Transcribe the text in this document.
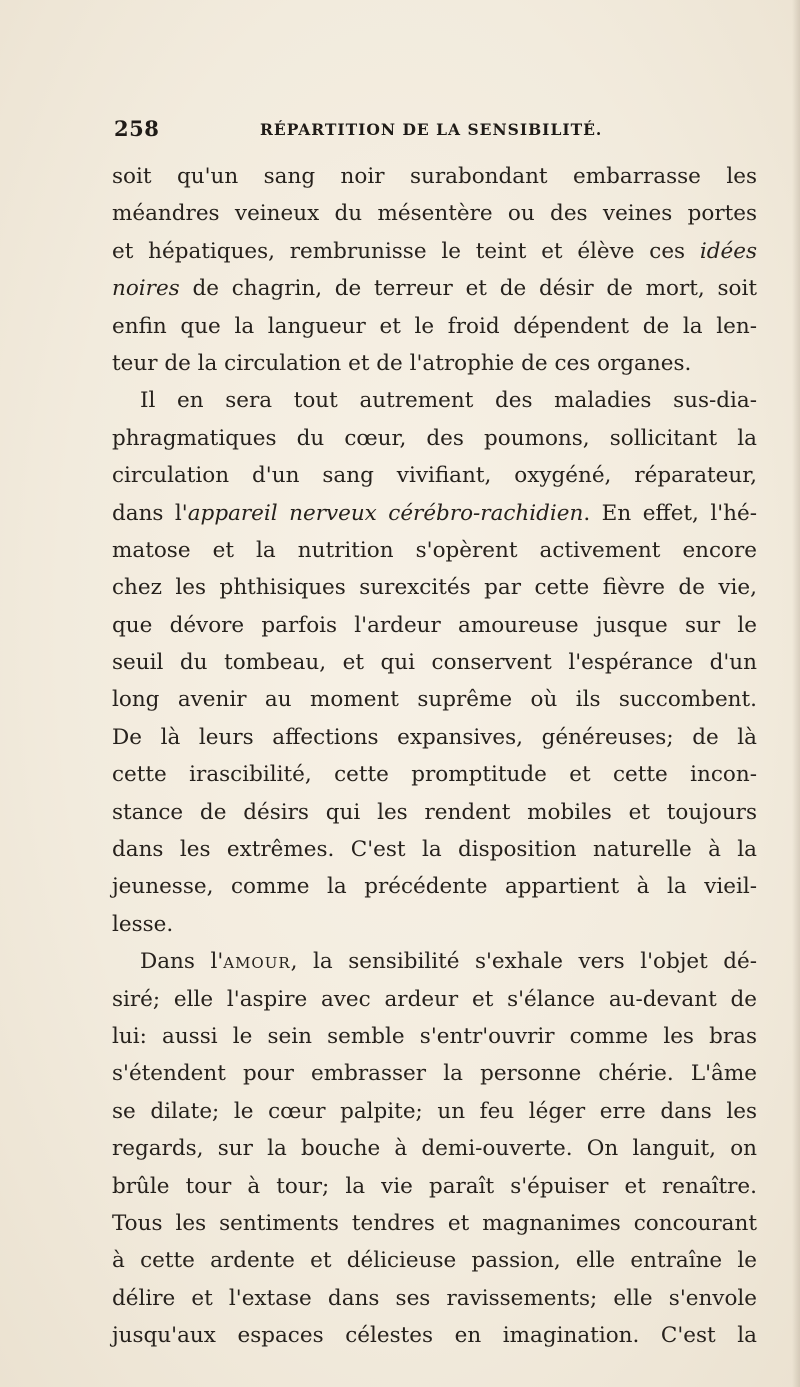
258	RÉPARTITION DE LA SENSIBILITÉ.
soit qu'un sang noir surabondant embarrasse les
méandres veineux du mésentère ou des veines portes
et hépatiques, rembrunisse le teint et élève ces idées
noires de chagrin, de terreur et de désir de mort, soit
enfin que la langueur et le froid dépendent de la len-
teur de la circulation et de l'atrophie de ces organes.
Il en sera tout autrement des maladies sus-dia-
phragmatiques du cœur, des poumons, sollicitant la
circulation d'un sang vivifiant, oxygéné, réparateur,
dans l'appareil nerveux cérébro-rachidien. En effet, l'hé-
matose et la nutrition s'opèrent activement encore
chez les phthisiques surexcités par cette fièvre de vie,
que dévore parfois l'ardeur amoureuse jusque sur le
seuil du tombeau, et qui conservent l'espérance d'un
long avenir au moment suprême où ils succombent.
De là leurs affections expansives, généreuses; de là
cette irascibilité, cette promptitude et cette incon-
stance de désirs qui les rendent mobiles et toujours
dans les extrêmes. C'est la disposition naturelle à la
jeunesse, comme la précédente appartient à la vieil-
lesse.
Dans l'AMOUR, la sensibilité s'exhale vers l'objet dé-
siré; elle l'aspire avec ardeur et s'élance au-devant de
lui: aussi le sein semble s'entr'ouvrir comme les bras
s'étendent pour embrasser la personne chérie. L'âme
se dilate; le cœur palpite; un feu léger erre dans les
regards, sur la bouche à demi-ouverte. On languit, on
brûle tour à tour; la vie paraît s'épuiser et renaître.
Tous les sentiments tendres et magnanimes concourant
à cette ardente et délicieuse passion, elle entraîne le
délire et l'extase dans ses ravissements; elle s'envole
jusqu'aux espaces célestes en imagination. C'est la
